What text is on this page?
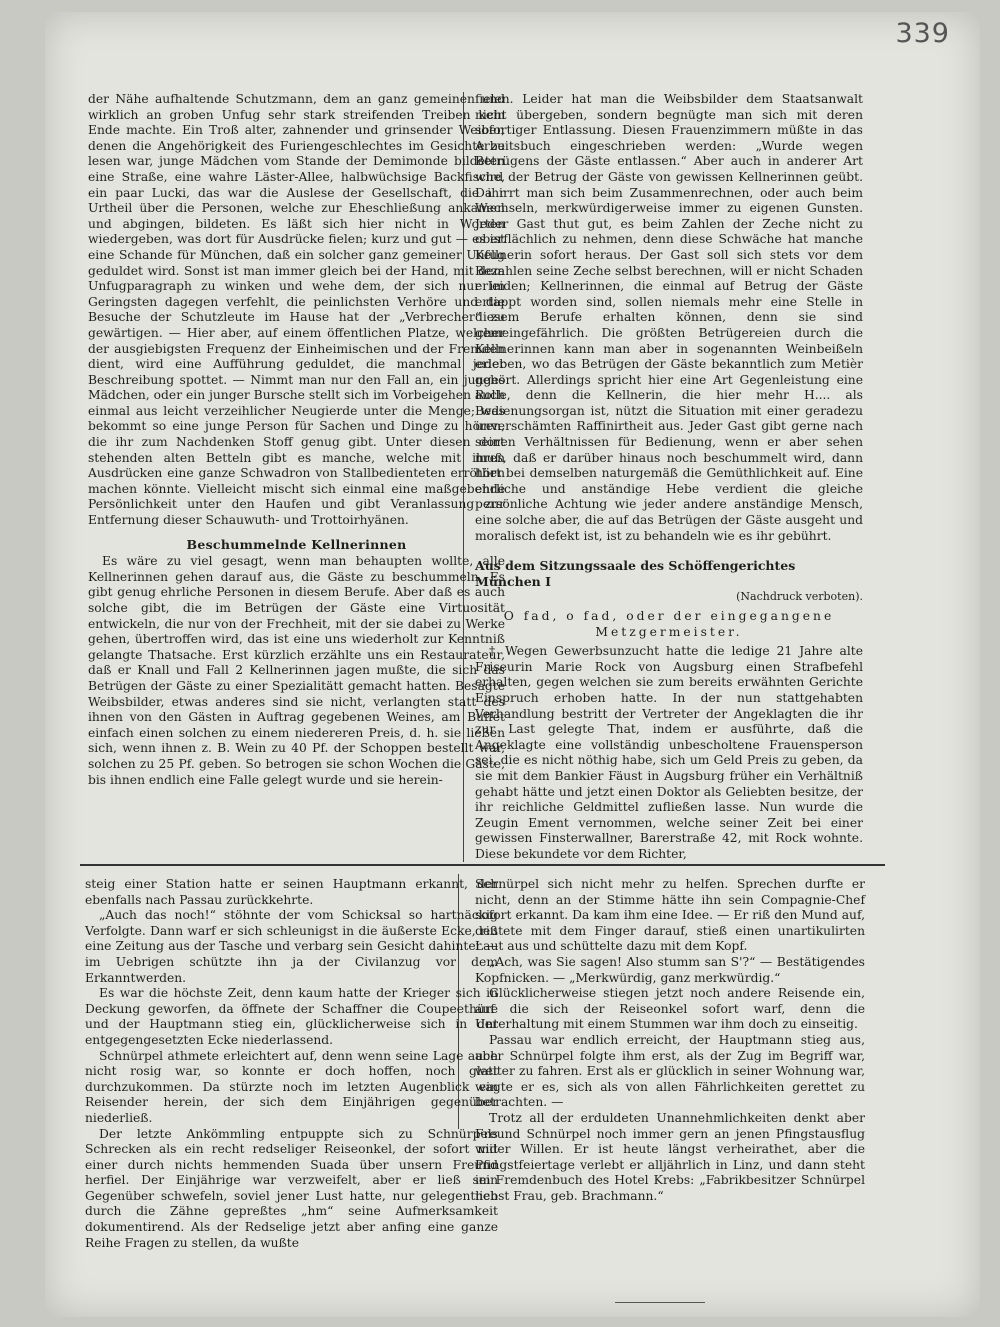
339

der Nähe aufhaltende Schutzmann, dem an ganz gemeinen und wirklich an groben Unfug sehr stark streifenden Treiben kein Ende machte. Ein Troß alter, zahnender und grinsender Weiber, denen die Angehörigkeit des Furiengeschlechtes im Gesichte zu lesen war, junge Mädchen vom Stande der Demimonde bildeten eine Straße, eine wahre Läster-Allee, halbwüchsige Backfische, ein paar Lucki, das war die Auslese der Gesellschaft, die ihr Urtheil über die Personen, welche zur Eheschließung ankamen und abgingen, bildeten. Es läßt sich hier nicht in Worten wiedergeben, was dort für Ausdrücke fielen; kurz und gut — es ist eine Schande für München, daß ein solcher ganz gemeiner Unfug geduldet wird. Sonst ist man immer gleich bei der Hand, mit dem Unfugparagraph zu winken und wehe dem, der sich nur im Geringsten dagegen verfehlt, die peinlichsten Verhöre und die Besuche der Schutzleute im Hause hat der „Verbrecher“ zu gewärtigen. — Hier aber, auf einem öffentlichen Platze, welcher der ausgiebigsten Frequenz der Einheimischen und der Fremden dient, wird eine Aufführung geduldet, die manchmal jeder Beschreibung spottet. — Nimmt man nur den Fall an, ein junges Mädchen, oder ein junger Bursche stellt sich im Vorbeigehen auch einmal aus leicht verzeihlicher Neugierde unter die Menge; was bekommt so eine junge Person für Sachen und Dinge zu hören, die ihr zum Nachdenken Stoff genug gibt. Unter diesen dort stehenden alten Betteln gibt es manche, welche mit ihren Ausdrücken eine ganze Schwadron von Stallbedienteten erröthen machen könnte. Vielleicht mischt sich einmal eine maßgebende Persönlichkeit unter den Haufen und gibt Veranlassung zur Entfernung dieser Schauwuth- und Trottoirhyänen.

Beschummelnde Kellnerinnen

Es wäre zu viel gesagt, wenn man behaupten wollte, alle Kellnerinnen gehen darauf aus, die Gäste zu beschummeln. Es gibt genug ehrliche Personen in diesem Berufe. Aber daß es auch solche gibt, die im Betrügen der Gäste eine Virtuosität entwickeln, die nur von der Frechheit, mit der sie dabei zu Werke gehen, übertroffen wird, das ist eine uns wiederholt zur Kenntniß gelangte Thatsache. Erst kürzlich erzählte uns ein Restaurateur, daß er Knall und Fall 2 Kellnerinnen jagen mußte, die sich das Betrügen der Gäste zu einer Spezialitätt gemacht hatten. Besagte Weibsbilder, etwas anderes sind sie nicht, verlangten statt des ihnen von den Gästen in Auftrag gegebenen Weines, am Buffet einfach einen solchen zu einem niedereren Preis, d. h. sie ließen sich, wenn ihnen z. B. Wein zu 40 Pf. der Schoppen bestellt war, solchen zu 25 Pf. geben. So betrogen sie schon Wochen die Gäste, bis ihnen endlich eine Falle gelegt wurde und sie herein-

fielen. Leider hat man die Weibsbilder dem Staatsanwalt nicht übergeben, sondern begnügte man sich mit deren sofortiger Entlassung. Diesen Frauenzimmern müßte in das Arbeitsbuch eingeschrieben werden: „Wurde wegen Betrügens der Gäste entlassen.“ Aber auch in anderer Art wird der Betrug der Gäste von gewissen Kellnerinnen geübt. Da irrt man sich beim Zusammenrechnen, oder auch beim Wechseln, merkwürdigerweise immer zu eigenen Gunsten. Jeder Gast thut gut, es beim Zahlen der Zeche nicht zu oberflächlich zu nehmen, denn diese Schwäche hat manche Kellnerin sofort heraus. Der Gast soll sich stets vor dem Bezahlen seine Zeche selbst berechnen, will er nicht Schaden erleiden; Kellnerinnen, die einmal auf Betrug der Gäste ertappt worden sind, sollen niemals mehr eine Stelle in diesem Berufe erhalten können, denn sie sind gemeingefährlich. Die größten Betrügereien durch die Kellnerinnen kann man aber in sogenannten Weinbeißeln erleben, wo das Betrügen der Gäste bekanntlich zum Metièr gehört. Allerdings spricht hier eine Art Gegenleistung eine Rolle, denn die Kellnerin, die hier mehr H.... als Bedienungsorgan ist, nützt die Situation mit einer geradezu unverschämten Raffinirtheit aus. Jeder Gast gibt gerne nach seinen Verhältnissen für Bedienung, wenn er aber sehen muß, daß er darüber hinaus noch beschummelt wird, dann hört bei demselben naturgemäß die Gemüthlichkeit auf. Eine ehrliche und anständige Hebe verdient die gleiche persönliche Achtung wie jeder andere anständige Mensch, eine solche aber, die auf das Betrügen der Gäste ausgeht und moralisch defekt ist, ist zu behandeln wie es ihr gebührt.

Aus dem Sitzungssaale des Schöffengerichtes München I
(Nachdruck verboten).
O fad, o fad, oder der eingegangene Metzgermeister.

† Wegen Gewerbsunzucht hatte die ledige 21 Jahre alte Friseurin Marie Rock von Augsburg einen Strafbefehl erhalten, gegen welchen sie zum bereits erwähnten Gerichte Einspruch erhoben hatte. In der nun stattgehabten Verhandlung bestritt der Vertreter der Angeklagten die ihr zur Last gelegte That, indem er ausführte, daß die Angeklagte eine vollständig unbescholtene Frauensperson sei, die es nicht nöthig habe, sich um Geld Preis zu geben, da sie mit dem Bankier Fäust in Augsburg früher ein Verhältniß gehabt hätte und jetzt einen Doktor als Geliebten besitze, der ihr reichliche Geldmittel zufließen lasse. Nun wurde die Zeugin Ement vernommen, welche seiner Zeit bei einer gewissen Finsterwallner, Barerstraße 42, mit Rock wohnte. Diese bekundete vor dem Richter,

steig einer Station hatte er seinen Hauptmann erkannt, der ebenfalls nach Passau zurückkehrte.

„Auch das noch!“ stöhnte der vom Schicksal so hartnäckig Verfolgte. Dann warf er sich schleunigst in die äußerste Ecke, riß eine Zeitung aus der Tasche und verbarg sein Gesicht dahinter — im Uebrigen schützte ihn ja der Civilanzug vor dem Erkanntwerden.

Es war die höchste Zeit, denn kaum hatte der Krieger sich in Deckung geworfen, da öffnete der Schaffner die Coupeethüre und der Hauptmann stieg ein, glücklicherweise sich in der entgegengesetzten Ecke niederlassend.

Schnürpel athmete erleichtert auf, denn wenn seine Lage auch nicht rosig war, so konnte er doch hoffen, noch glatt durchzukommen. Da stürzte noch im letzten Augenblick ein Reisender herein, der sich dem Einjährigen gegenüber niederließ.

Der letzte Ankömmling entpuppte sich zu Schnürpels Schrecken als ein recht redseliger Reiseonkel, der sofort mit einer durch nichts hemmenden Suada über unsern Freund herfiel. Der Einjährige war verzweifelt, aber er ließ sein Gegenüber schwefeln, soviel jener Lust hatte, nur gelegentlich durch die Zähne gepreßtes „hm“ seine Aufmerksamkeit dokumentirend. Als der Redselige jetzt aber anfing eine ganze Reihe Fragen zu stellen, da wußte

Schnürpel sich nicht mehr zu helfen. Sprechen durfte er nicht, denn an der Stimme hätte ihn sein Compagnie-Chef sofort erkannt. Da kam ihm eine Idee. — Er riß den Mund auf, deutete mit dem Finger darauf, stieß einen unartikulirten Laut aus und schüttelte dazu mit dem Kopf.

„Ach, was Sie sagen! Also stumm san S'?“ — Bestätigendes Kopfnicken. — „Merkwürdig, ganz merkwürdig.“

Glücklicherweise stiegen jetzt noch andere Reisende ein, auf die sich der Reiseonkel sofort warf, denn die Unterhaltung mit einem Stummen war ihm doch zu einseitig.

Passau war endlich erreicht, der Hauptmann stieg aus, aber Schnürpel folgte ihm erst, als der Zug im Begriff war, weiter zu fahren. Erst als er glücklich in seiner Wohnung war, wagte er es, sich als von allen Fährlichkeiten gerettet zu betrachten. —

Trotz all der erduldeten Unannehmlichkeiten denkt aber Freund Schnürpel noch immer gern an jenen Pfingstausflug wider Willen. Er ist heute längst verheirathet, aber die Pfingstfeiertage verlebt er alljährlich in Linz, und dann steht im Fremdenbuch des Hotel Krebs: „Fabrikbesitzer Schnürpel nebst Frau, geb. Brachmann.“
